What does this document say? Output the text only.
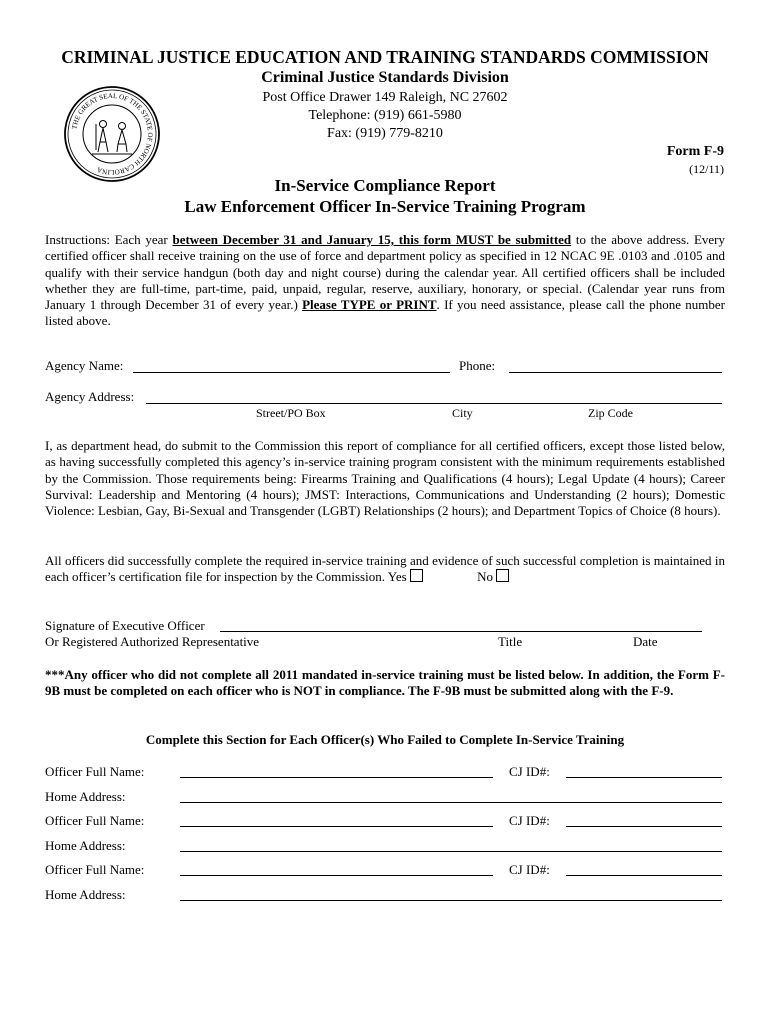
CRIMINAL JUSTICE EDUCATION AND TRAINING STANDARDS COMMISSION
Criminal Justice Standards Division
Post Office Drawer 149 Raleigh, NC 27602
Telephone: (919) 661-5980
Fax: (919) 779-8210
THE GREAT SEAL OF THE STATE OF NORTH CAROLINA
Form F-9
(12/11)
In-Service Compliance Report
Law Enforcement Officer In-Service Training Program
Instructions: Each year between December 31 and January 15, this form MUST be submitted to the above address. Every certified officer shall receive training on the use of force and department policy as specified in 12 NCAC 9E .0103 and .0105 and qualify with their service handgun (both day and night course) during the calendar year. All certified officers shall be included whether they are full-time, part-time, paid, unpaid, regular, reserve, auxiliary, honorary, or special. (Calendar year runs from January 1 through December 31 of every year.) Please TYPE or PRINT. If you need assistance, please call the phone number listed above.
Agency Name:	Phone:
Agency Address:
Street/PO Box	City	Zip Code
I, as department head, do submit to the Commission this report of compliance for all certified officers, except those listed below, as having successfully completed this agency’s in-service training program consistent with the minimum requirements established by the Commission. Those requirements being: Firearms Training and Qualifications (4 hours); Legal Update (4 hours); Career Survival: Leadership and Mentoring (4 hours); JMST: Interactions, Communications and Understanding (2 hours); Domestic Violence: Lesbian, Gay, Bi-Sexual and Transgender (LGBT) Relationships (2 hours); and Department Topics of Choice (8 hours).
All officers did successfully complete the required in-service training and evidence of such successful completion is maintained in each officer’s certification file for inspection by the Commission. Yes	No
Signature of Executive Officer
Or Registered Authorized Representative	Title	Date
***Any officer who did not complete all 2011 mandated in-service training must be listed below. In addition, the Form F-9B must be completed on each officer who is NOT in compliance. The F-9B must be submitted along with the F-9.
Complete this Section for Each Officer(s) Who Failed to Complete In-Service Training
Officer Full Name:	CJ ID#:
Home Address:
Officer Full Name:	CJ ID#:
Home Address:
Officer Full Name:	CJ ID#:
Home Address:
